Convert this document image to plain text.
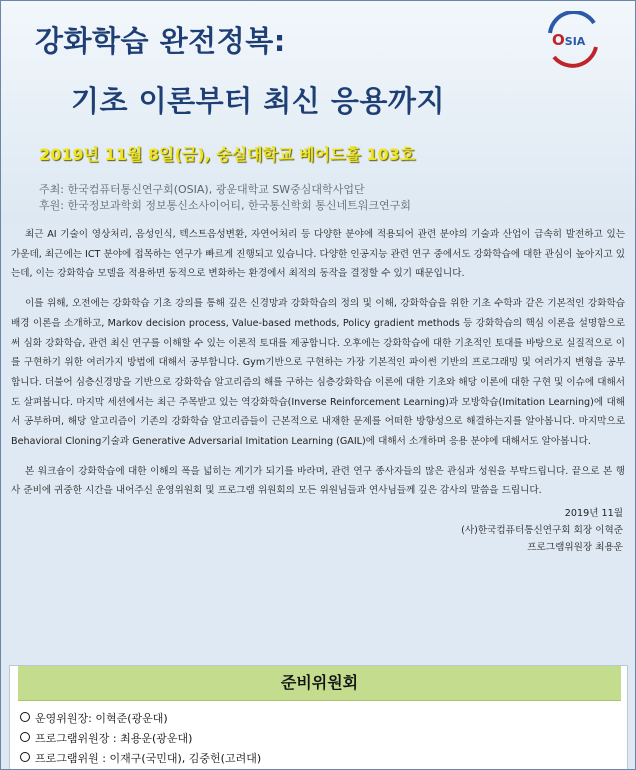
강화학습 완전정복:
기초 이론부터 최신 응용까지
OSIA
2019년 11월 8일(금), 숭실대학교 베어드홀 103호
주최: 한국컴퓨터통신연구회(OSIA), 광운대학교 SW중심대학사업단
후원: 한국정보과학회 정보통신소사이어티, 한국통신학회 통신네트워크연구회

최근 AI 기술이 영상처리, 음성인식, 텍스트음성변환, 자연어처리 등 다양한 분야에 적용되어 관련 분야의 기술과 산업이 급속히 발전하고 있는 가운데, 최근에는 ICT 분야에 접목하는 연구가 빠르게 진행되고 있습니다. 다양한 인공지능 관련 연구 중에서도 강화학습에 대한 관심이 높아지고 있는데, 이는 강화학습 모델을 적용하면 동적으로 변화하는 환경에서 최적의 동작을 결정할 수 있기 때문입니다.

이를 위해, 오전에는 강화학습 기초 강의를 통해 깊은 신경망과 강화학습의 정의 및 이해, 강화학습을 위한 기초 수학과 같은 기본적인 강화학습 배경 이론을 소개하고, Markov decision process, Value-based methods, Policy gradient methods 등 강화학습의 핵심 이론을 설명함으로써 심화 강화학습, 관련 최신 연구를 이해할 수 있는 이론적 토대를 제공합니다. 오후에는 강화학습에 대한 기초적인 토대를 바탕으로 실질적으로 이를 구현하기 위한 여러가지 방법에 대해서 공부합니다. Gym기반으로 구현하는 가장 기본적인 파이썬 기반의 프로그래밍 및 여러가지 변형을 공부합니다. 더불어 심층신경망을 기반으로 강화학습 알고리즘의 해를 구하는 심층강화학습 이론에 대한 기초와 해당 이론에 대한 구현 및 이슈에 대해서도 살펴봅니다. 마지막 세션에서는 최근 주목받고 있는 역강화학습(Inverse Reinforcement Learning)과 모방학습(Imitation Learning)에 대해서 공부하며, 해당 알고리즘이 기존의 강화학습 알고리즘들이 근본적으로 내재한 문제를 어떠한 방향성으로 해결하는지를 알아봅니다. 마지막으로 Behavioral Cloning기술과 Generative Adversarial Imitation Learning (GAIL)에 대해서 소개하며 응용 분야에 대해서도 알아봅니다.

본 워크숍이 강화학습에 대한 이해의 폭을 넓히는 계기가 되기를 바라며, 관련 연구 종사자들의 많은 관심과 성원을 부탁드립니다. 끝으로 본 행사 준비에 귀중한 시간을 내어주신 운영위원회 및 프로그램 위원회의 모든 위원님들과 연사님들께 깊은 감사의 말씀을 드립니다.

2019년 11월
(사)한국컴퓨터통신연구회 회장 이혁준
프로그램위원장 최용운
준비위원회
운영위원장: 이혁준(광운대)
프로그램위원장 : 최용운(광운대)
프로그램위원 : 이재구(국민대), 김중헌(고려대)
